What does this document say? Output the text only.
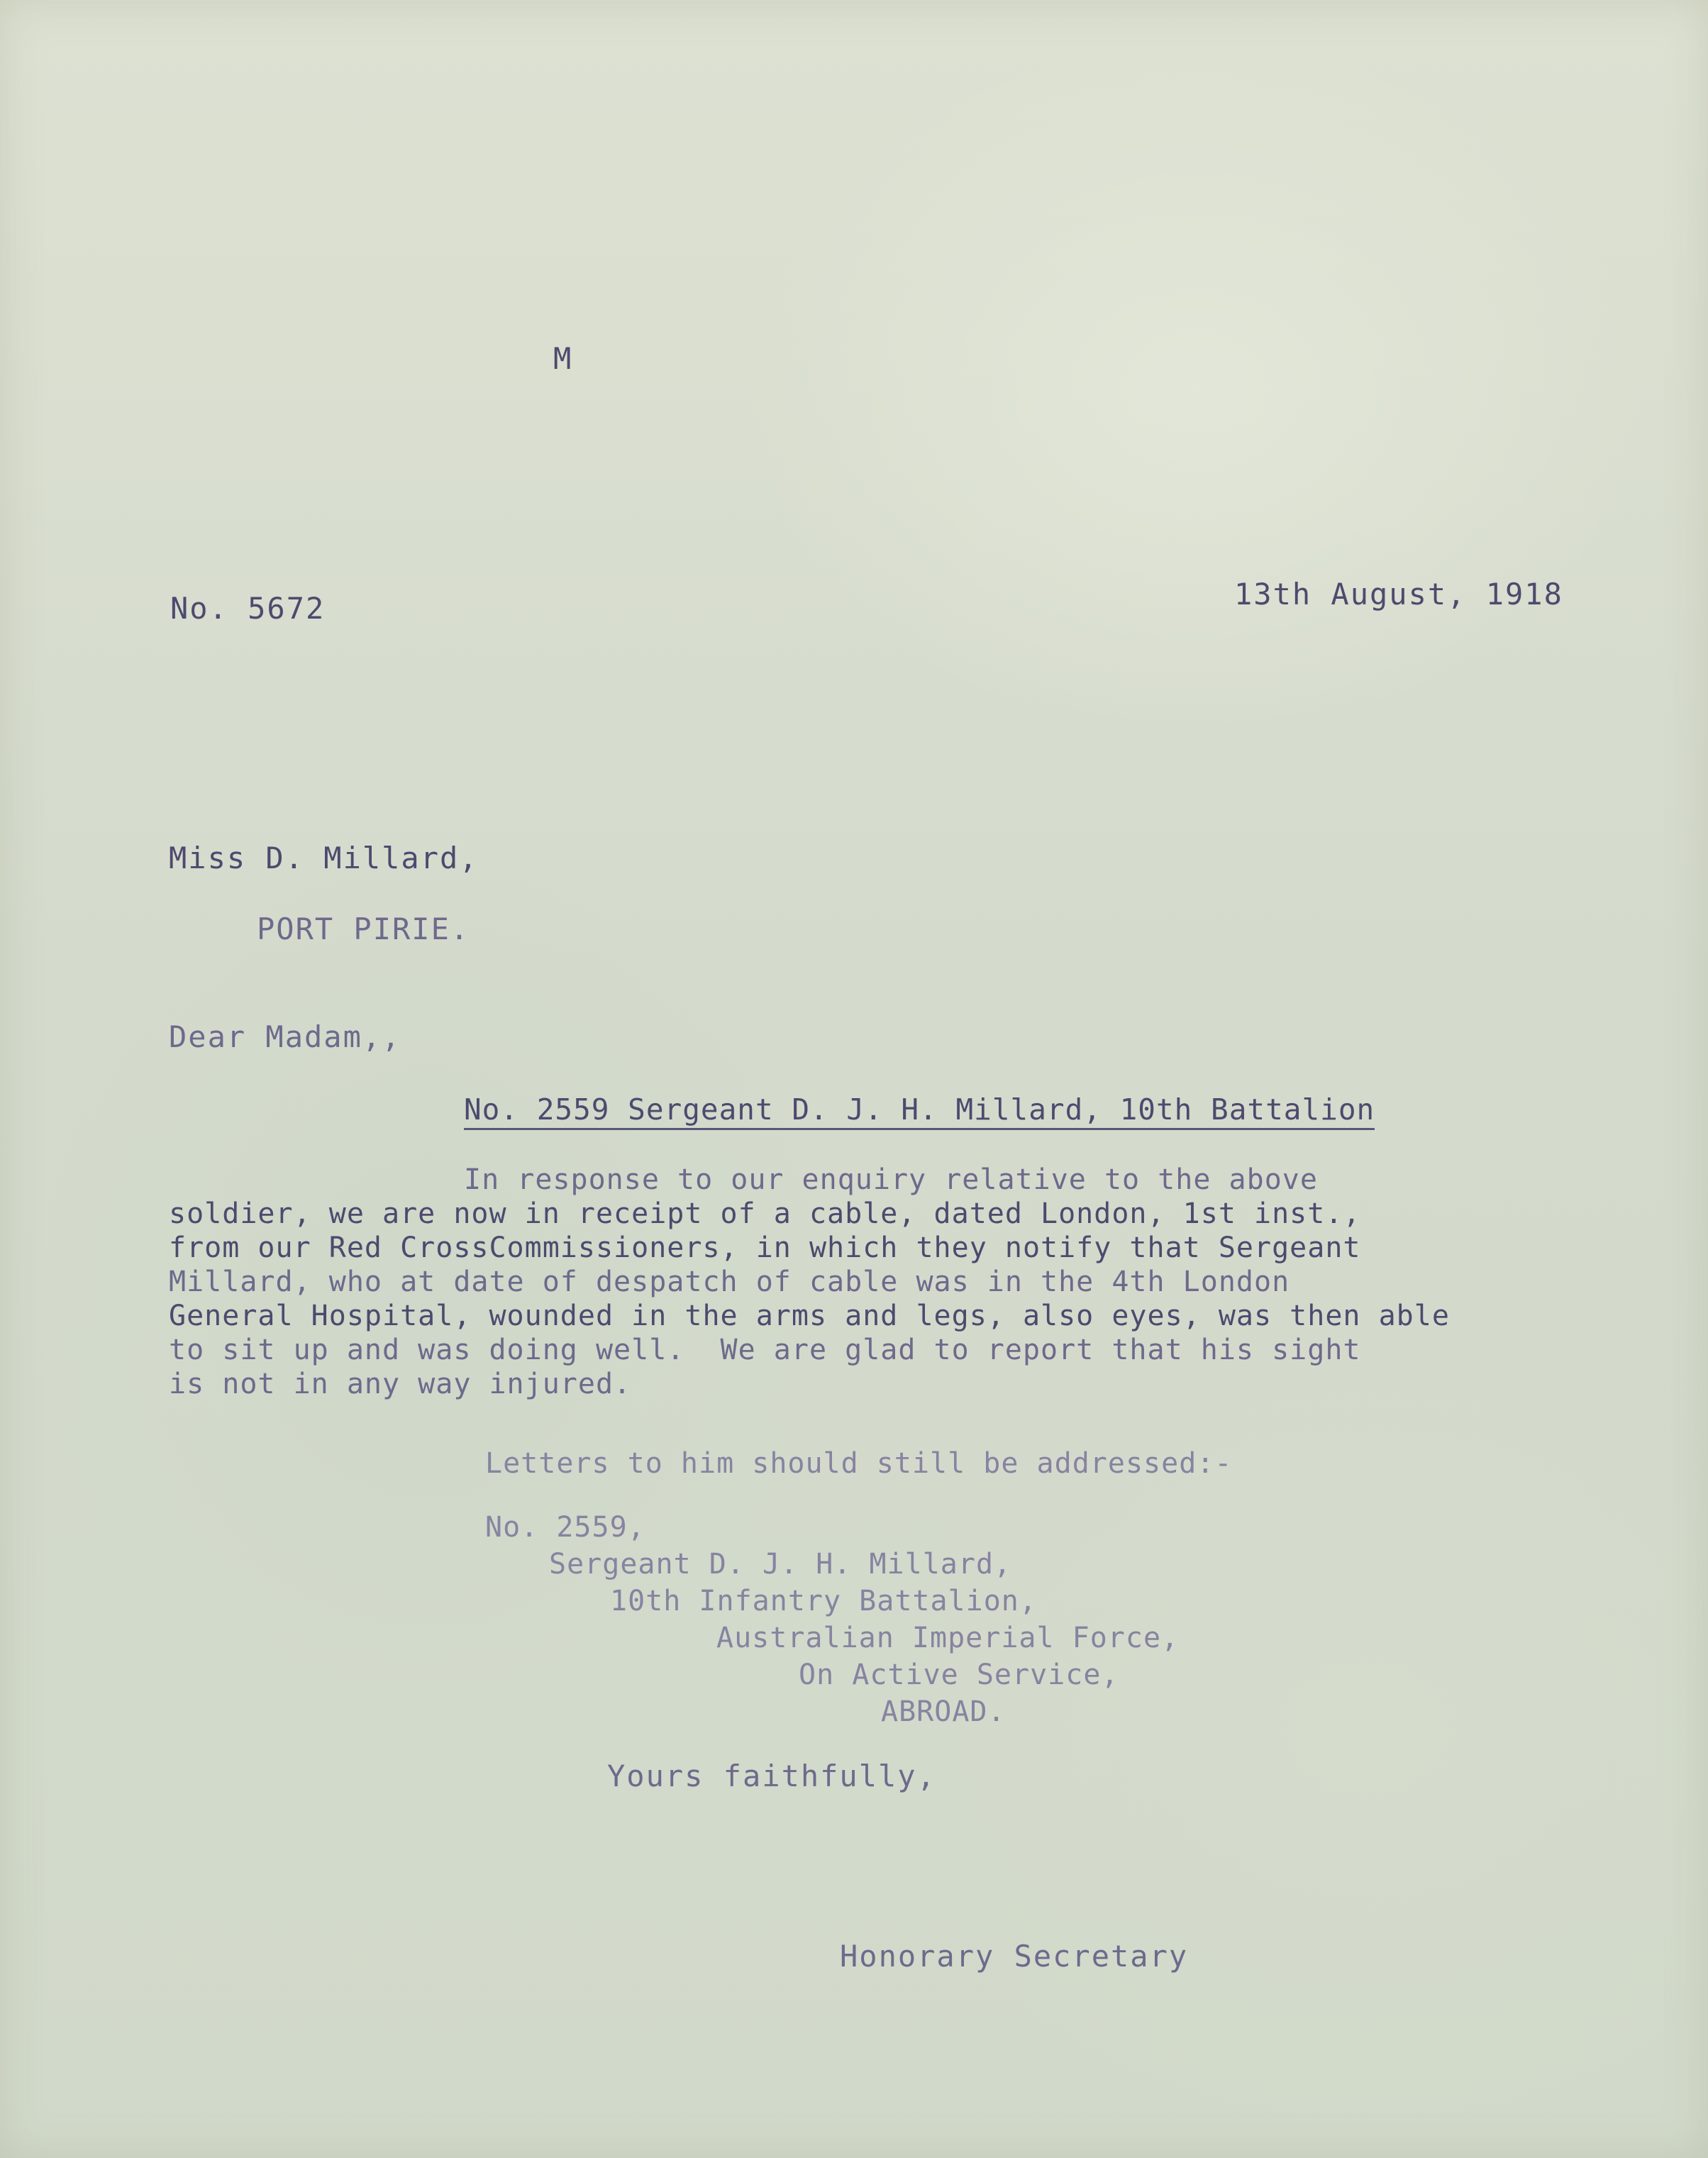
M
No. 5672	13th August, 1918
Miss D. Millard,
PORT PIRIE.
Dear Madam,,
No. 2559 Sergeant D. J. H. Millard, 10th Battalion
In response to our enquiry relative to the above
soldier, we are now in receipt of a cable, dated London, 1st inst.,
from our Red CrossCommissioners, in which they notify that Sergeant
Millard, who at date of despatch of cable was in the 4th London
General Hospital, wounded in the arms and legs, also eyes, was then able
to sit up and was doing well.  We are glad to report that his sight
is not in any way injured.
Letters to him should still be addressed:-
No. 2559,
Sergeant D. J. H. Millard,
10th Infantry Battalion,
Australian Imperial Force,
On Active Service,
ABROAD.
Yours faithfully,
Honorary Secretary
